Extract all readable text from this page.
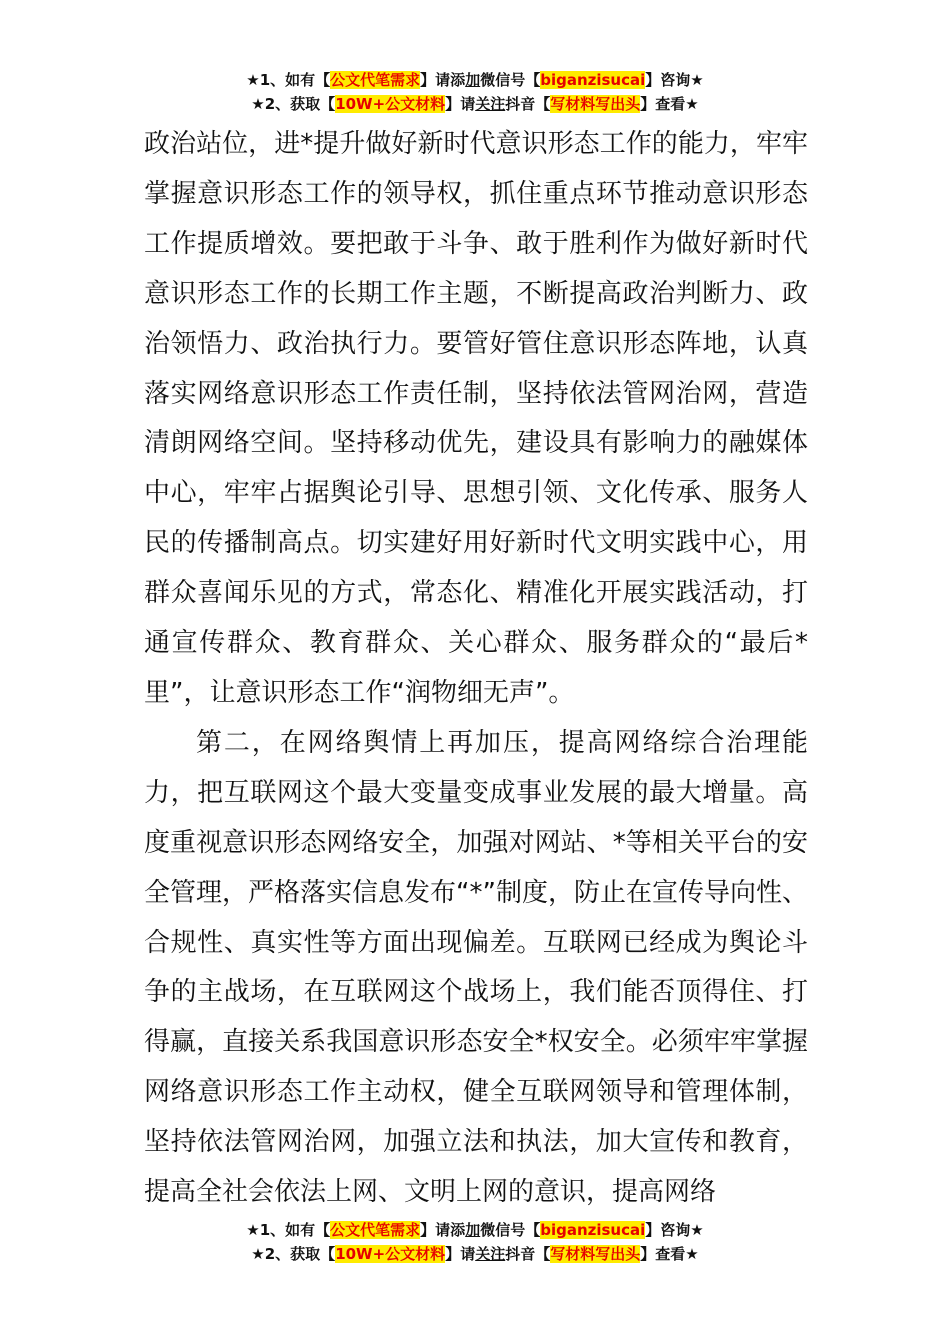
★1、如有【公文代笔需求】请添加微信号【biganzisucai】咨询★
★2、获取【10W+公文材料】请关注抖音【写材料写出头】查看★

政治站位，进*提升做好新时代意识形态工作的能力，牢牢掌握意识形态工作的领导权，抓住重点环节推动意识形态工作提质增效。要把敢于斗争、敢于胜利作为做好新时代意识形态工作的长期工作主题，不断提高政治判断力、政治领悟力、政治执行力。要管好管住意识形态阵地，认真落实网络意识形态工作责任制，坚持依法管网治网，营造清朗网络空间。坚持移动优先，建设具有影响力的融媒体中心，牢牢占据舆论引导、思想引领、文化传承、服务人民的传播制高点。切实建好用好新时代文明实践中心，用群众喜闻乐见的方式，常态化、精准化开展实践活动，打通宣传群众、教育群众、关心群众、服务群众的“最后*里”，让意识形态工作“润物细无声”。

第二，在网络舆情上再加压，提高网络综合治理能力，把互联网这个最大变量变成事业发展的最大增量。高度重视意识形态网络安全，加强对网站、*等相关平台的安全管理，严格落实信息发布“*”制度，防止在宣传导向性、合规性、真实性等方面出现偏差。互联网已经成为舆论斗争的主战场，在互联网这个战场上，我们能否顶得住、打得赢，直接关系我国意识形态安全*权安全。必须牢牢掌握网络意识形态工作主动权，健全互联网领导和管理体制，坚持依法管网治网，加强立法和执法，加大宣传和教育，提高全社会依法上网、文明上网的意识，提高网络

★1、如有【公文代笔需求】请添加微信号【biganzisucai】咨询★
★2、获取【10W+公文材料】请关注抖音【写材料写出头】查看★
